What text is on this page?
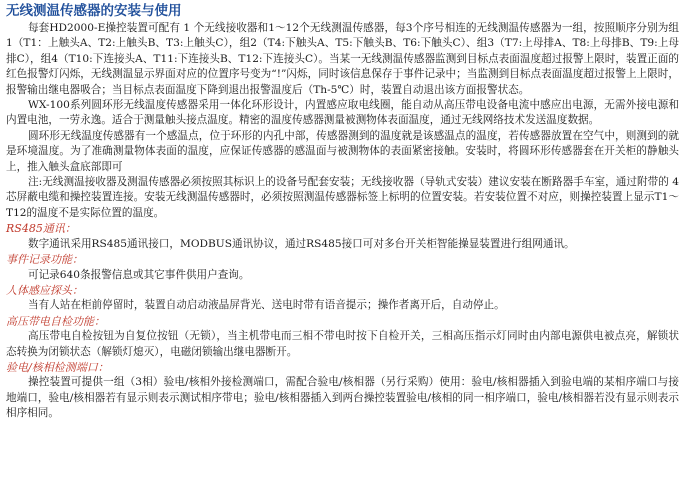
无线测温传感器的安装与使用

每套HD2000-E操控装置可配有 1 个无线接收器和1～12个无线测温传感器，每3个序号相连的无线测温传感器为一组，按照顺序分别为组1（T1：上触头A、T2:上触头B、T3:上触头C），组2（T4:下触头A、T5:下触头B、T6:下触头C）、组3（T7:上母排A、T8:上母排B、T9:上母排C），组4（T10:下连接头A、T11:下连接头B、T12:下连接头C）。当某一无线测温传感器监测到目标点表面温度超过报警上限时，装置正面的红色报警灯闪烁，无线测温显示界面对应的位置序号变为“!”闪烁，同时该信息保存于事件记录中；当监测到目标点表面温度超过报警上上限时，报警输出继电器吸合；当目标点表面温度下降到退出报警温度后（Th-5℃）时，装置自动退出该方面报警状态。

WX-100系列圆环形无线温度传感器采用一体化环形设计，内置感应取电线圈，能自动从高压带电设备电流中感应出电源，无需外接电源和内置电池，一劳永逸。适合于测量触头接点温度。精密的温度传感器测量被测物体表面温度，通过无线网络技术发送温度数据。

圆环形无线温度传感器有一个感温点，位于环形的内孔中部，传感器测到的温度就是该感温点的温度，若传感器放置在空气中，则测到的就是环境温度。为了准确测量物体表面的温度，应保证传感器的感温面与被测物体的表面紧密接触。安装时，将圆环形传感器套在开关柜的静触头上，推入触头盒底部即可

注:无线测温接收器及测温传感器必须按照其标识上的设备号配套安装；无线接收器（导轨式安装）建议安装在断路器手车室，通过附带的 4 芯屏蔽电缆和操控装置连接。安装无线测温传感器时，必须按照测温传感器标签上标明的位置安装。若安装位置不对应，则操控装置上显示T1～T12的温度不是实际位置的温度。

RS485通讯：

数字通讯采用RS485通讯接口，MODBUS通讯协议，通过RS485接口可对多台开关柜智能操显装置进行组网通讯。

事件记录功能：

可记录640条报警信息或其它事件供用户查询。

人体感应探头：

当有人站在柜前停留时，装置自动启动液晶屏背光、送电时带有语音提示；操作者离开后，自动停止。

高压带电自检功能：

高压带电自检按钮为自复位按钮（无锁），当主机带电而三相不带电时按下自检开关，三相高压指示灯同时由内部电源供电被点亮，解锁状态转换为闭锁状态（解锁灯熄灭），电磁闭锁输出继电器断开。

验电/核相检测端口：

操控装置可提供一组（3相）验电/核相外接检测端口，需配合验电/核相器（另行采购）使用：验电/核相器插入到验电端的某相序端口与接地端口，验电/核相器若有显示则表示测试相序带电；验电/核相器插入到两台操控装置验电/核相的同一相序端口，验电/核相器若没有显示则表示相序相同。
